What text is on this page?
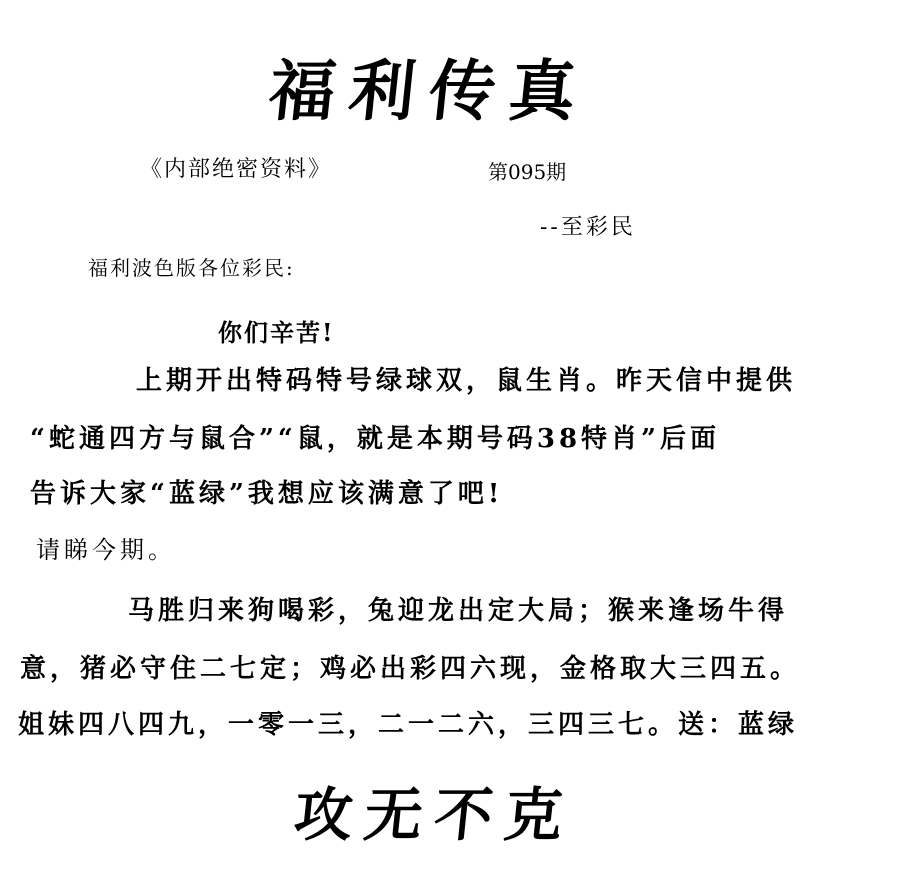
福利传真
《内部绝密资料》	第095期
--至彩民
福利波色版各位彩民:
你们辛苦!
上期开出特码特号绿球双，鼠生肖。昨天信中提供
“蛇通四方与鼠合”“鼠，就是本期号码38特肖”后面
告诉大家“蓝绿”我想应该满意了吧!
请睇今期。
马胜归来狗喝彩，兔迎龙出定大局；猴来逢场牛得
意，猪必守住二七定；鸡必出彩四六现，金格取大三四五。
姐妹四八四九，一零一三，二一二六，三四三七。送：蓝绿
攻无不克
